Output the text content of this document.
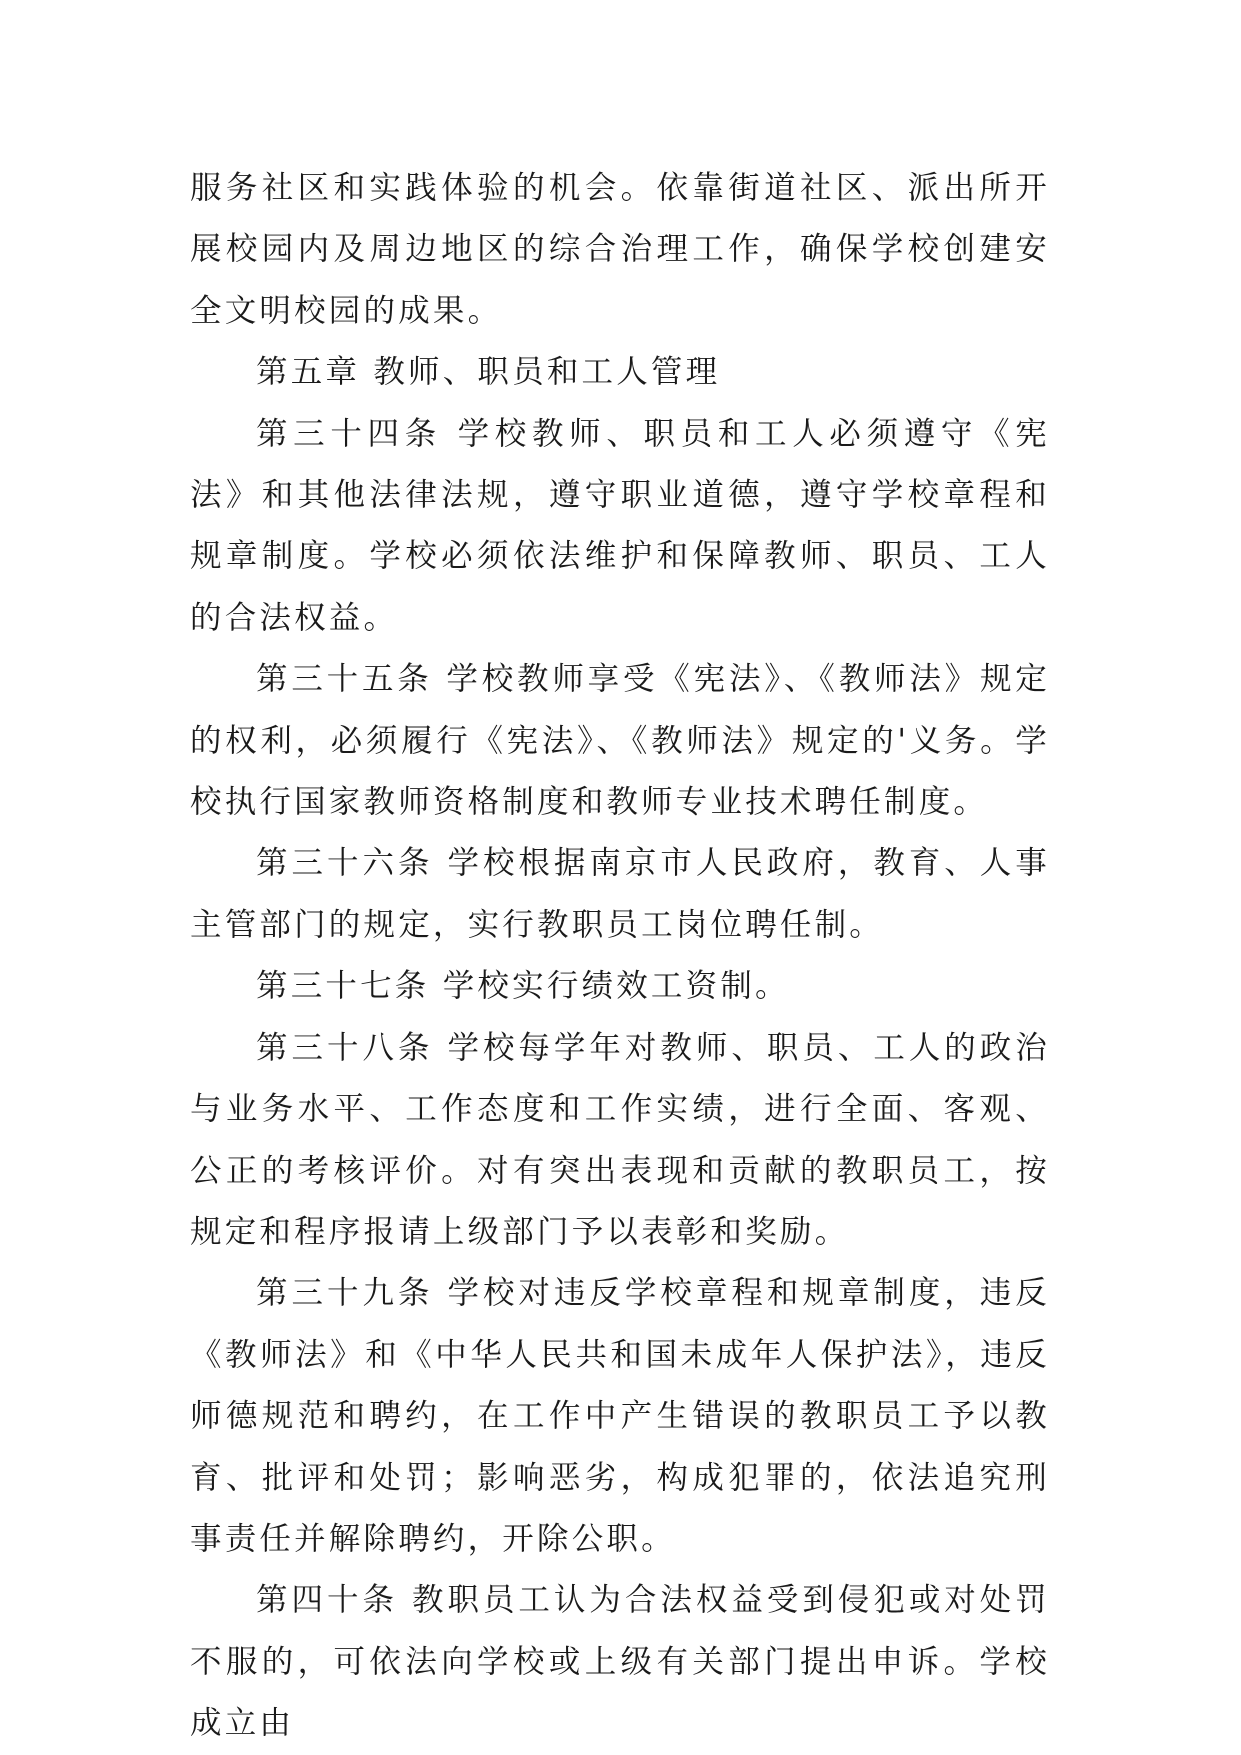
服务社区和实践体验的机会。依靠街道社区、派出所开展校园内及周边地区的综合治理工作，确保学校创建安全文明校园的成果。

第五章 教师、职员和工人管理

第三十四条 学校教师、职员和工人必须遵守《宪法》和其他法律法规，遵守职业道德，遵守学校章程和规章制度。学校必须依法维护和保障教师、职员、工人的合法权益。

第三十五条 学校教师享受《宪法》、《教师法》规定的权利，必须履行《宪法》、《教师法》规定的'义务。学校执行国家教师资格制度和教师专业技术聘任制度。

第三十六条 学校根据南京市人民政府，教育、人事主管部门的规定，实行教职员工岗位聘任制。

第三十七条 学校实行绩效工资制。

第三十八条 学校每学年对教师、职员、工人的政治与业务水平、工作态度和工作实绩，进行全面、客观、公正的考核评价。对有突出表现和贡献的教职员工，按规定和程序报请上级部门予以表彰和奖励。

第三十九条 学校对违反学校章程和规章制度，违反《教师法》和《中华人民共和国未成年人保护法》，违反师德规范和聘约，在工作中产生错误的教职员工予以教育、批评和处罚；影响恶劣，构成犯罪的，依法追究刑事责任并解除聘约，开除公职。

第四十条 教职员工认为合法权益受到侵犯或对处罚不服的，可依法向学校或上级有关部门提出申诉。学校成立由
